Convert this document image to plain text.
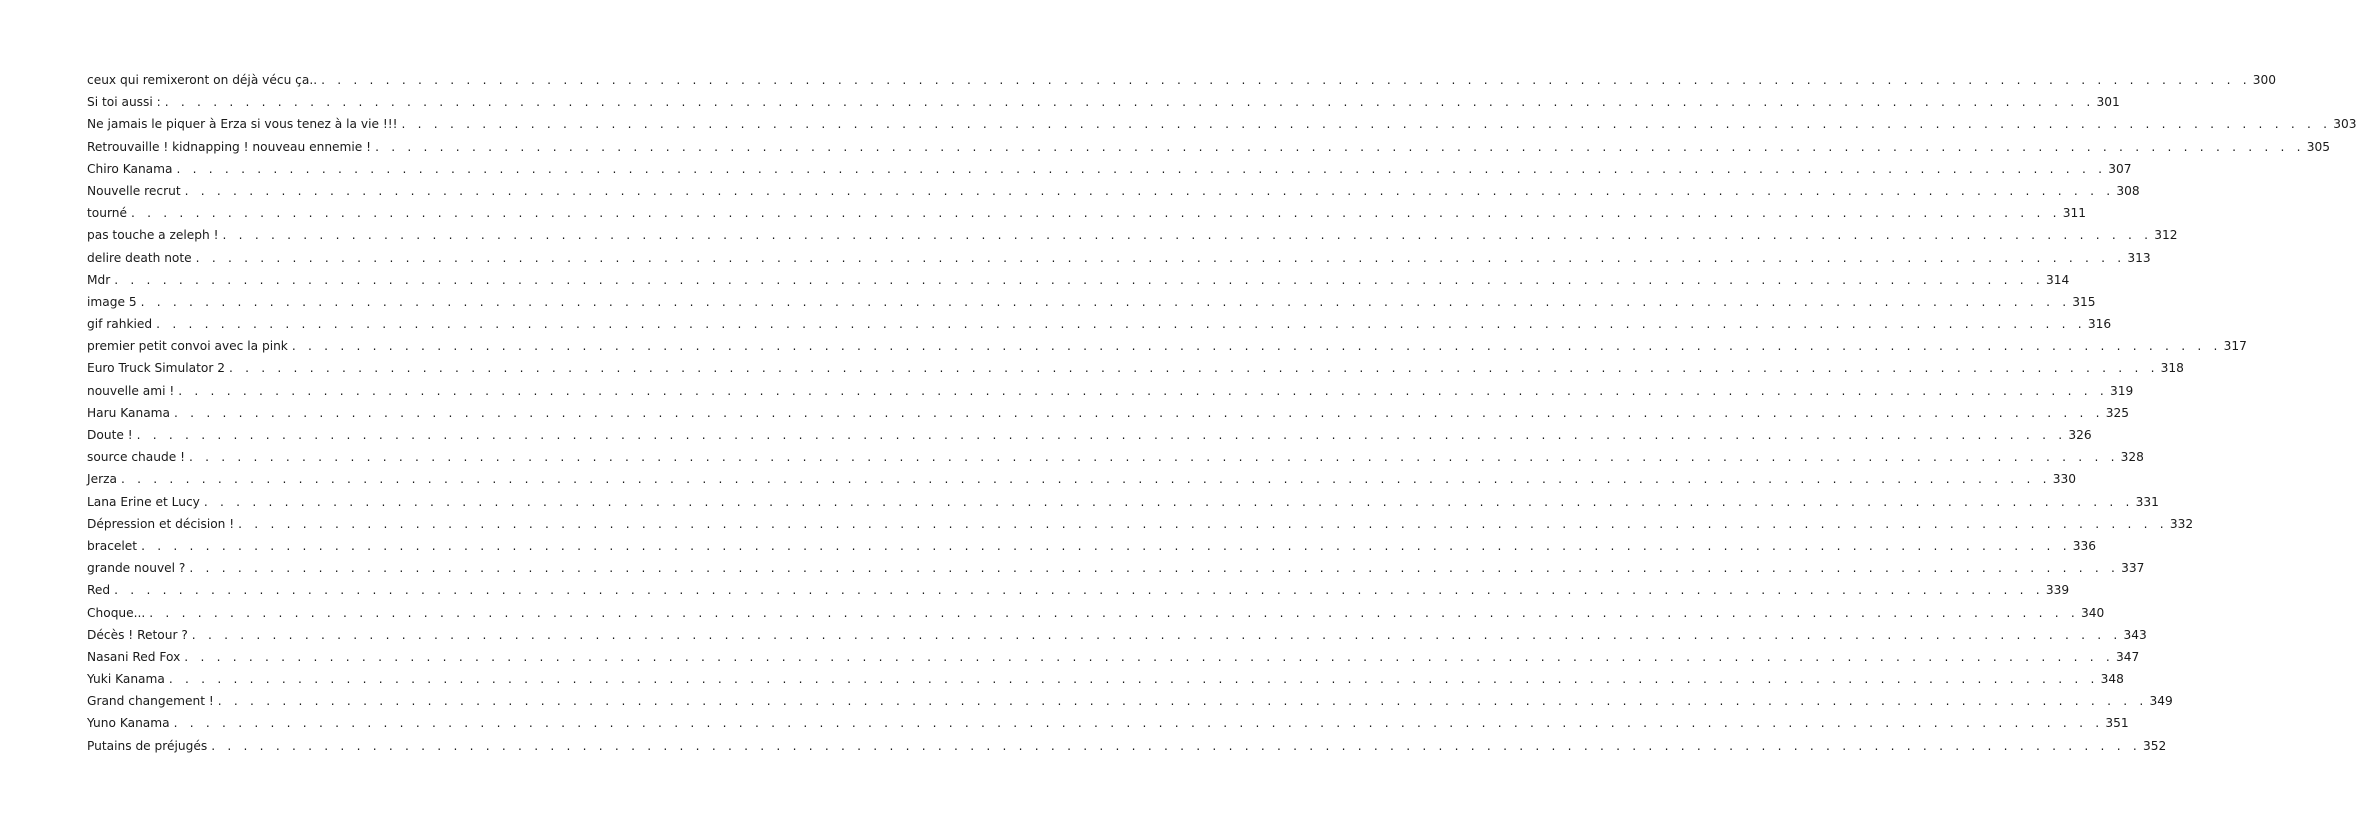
ceux qui remixeront on déjà vécu ça.. . . . . . . . . . . . . . . . . . . . . . . . . . . . . . . . . . . . . . . . . . . . . . . . . . . . . . . . . . . . . . . . . . . . . . . . . . . . . . . . . . . . . . . . . . . . . . . . . . . . . . . . . . . . . . . . . . . . . . . . . 300
Si toi aussi : . . . . . . . . . . . . . . . . . . . . . . . . . . . . . . . . . . . . . . . . . . . . . . . . . . . . . . . . . . . . . . . . . . . . . . . . . . . . . . . . . . . . . . . . . . . . . . . . . . . . . . . . . . . . . . . . . . . . . . . . 301
Ne jamais le piquer à Erza si vous tenez à la vie !!! . . . . . . . . . . . . . . . . . . . . . . . . . . . . . . . . . . . . . . . . . . . . . . . . . . . . . . . . . . . . . . . . . . . . . . . . . . . . . . . . . . . . . . . . . . . . . . . . . . . . . . . . . . . . . . . . . . . . . . . . 303
Retrouvaille ! kidnapping ! nouveau ennemie ! . . . . . . . . . . . . . . . . . . . . . . . . . . . . . . . . . . . . . . . . . . . . . . . . . . . . . . . . . . . . . . . . . . . . . . . . . . . . . . . . . . . . . . . . . . . . . . . . . . . . . . . . . . . . . . . . . . . . . . . . 305
Chiro Kanama . . . . . . . . . . . . . . . . . . . . . . . . . . . . . . . . . . . . . . . . . . . . . . . . . . . . . . . . . . . . . . . . . . . . . . . . . . . . . . . . . . . . . . . . . . . . . . . . . . . . . . . . . . . . . . . . . . . . . . . . 307
Nouvelle recrut . . . . . . . . . . . . . . . . . . . . . . . . . . . . . . . . . . . . . . . . . . . . . . . . . . . . . . . . . . . . . . . . . . . . . . . . . . . . . . . . . . . . . . . . . . . . . . . . . . . . . . . . . . . . . . . . . . . . . . . . 308
tourné . . . . . . . . . . . . . . . . . . . . . . . . . . . . . . . . . . . . . . . . . . . . . . . . . . . . . . . . . . . . . . . . . . . . . . . . . . . . . . . . . . . . . . . . . . . . . . . . . . . . . . . . . . . . . . . . . . . . . . . . 311
pas touche a zeleph ! . . . . . . . . . . . . . . . . . . . . . . . . . . . . . . . . . . . . . . . . . . . . . . . . . . . . . . . . . . . . . . . . . . . . . . . . . . . . . . . . . . . . . . . . . . . . . . . . . . . . . . . . . . . . . . . . . . . . . . . . 312
delire death note . . . . . . . . . . . . . . . . . . . . . . . . . . . . . . . . . . . . . . . . . . . . . . . . . . . . . . . . . . . . . . . . . . . . . . . . . . . . . . . . . . . . . . . . . . . . . . . . . . . . . . . . . . . . . . . . . . . . . . . . 313
Mdr . . . . . . . . . . . . . . . . . . . . . . . . . . . . . . . . . . . . . . . . . . . . . . . . . . . . . . . . . . . . . . . . . . . . . . . . . . . . . . . . . . . . . . . . . . . . . . . . . . . . . . . . . . . . . . . . . . . . . . . . 314
image 5 . . . . . . . . . . . . . . . . . . . . . . . . . . . . . . . . . . . . . . . . . . . . . . . . . . . . . . . . . . . . . . . . . . . . . . . . . . . . . . . . . . . . . . . . . . . . . . . . . . . . . . . . . . . . . . . . . . . . . . . . 315
gif rahkied . . . . . . . . . . . . . . . . . . . . . . . . . . . . . . . . . . . . . . . . . . . . . . . . . . . . . . . . . . . . . . . . . . . . . . . . . . . . . . . . . . . . . . . . . . . . . . . . . . . . . . . . . . . . . . . . . . . . . . . . 316
premier petit convoi avec la pink . . . . . . . . . . . . . . . . . . . . . . . . . . . . . . . . . . . . . . . . . . . . . . . . . . . . . . . . . . . . . . . . . . . . . . . . . . . . . . . . . . . . . . . . . . . . . . . . . . . . . . . . . . . . . . . . . . . . . . . . 317
Euro Truck Simulator 2 . . . . . . . . . . . . . . . . . . . . . . . . . . . . . . . . . . . . . . . . . . . . . . . . . . . . . . . . . . . . . . . . . . . . . . . . . . . . . . . . . . . . . . . . . . . . . . . . . . . . . . . . . . . . . . . . . . . . . . . . 318
nouvelle ami ! . . . . . . . . . . . . . . . . . . . . . . . . . . . . . . . . . . . . . . . . . . . . . . . . . . . . . . . . . . . . . . . . . . . . . . . . . . . . . . . . . . . . . . . . . . . . . . . . . . . . . . . . . . . . . . . . . . . . . . . . 319
Haru Kanama . . . . . . . . . . . . . . . . . . . . . . . . . . . . . . . . . . . . . . . . . . . . . . . . . . . . . . . . . . . . . . . . . . . . . . . . . . . . . . . . . . . . . . . . . . . . . . . . . . . . . . . . . . . . . . . . . . . . . . . . 325
Doute ! . . . . . . . . . . . . . . . . . . . . . . . . . . . . . . . . . . . . . . . . . . . . . . . . . . . . . . . . . . . . . . . . . . . . . . . . . . . . . . . . . . . . . . . . . . . . . . . . . . . . . . . . . . . . . . . . . . . . . . . . 326
source chaude ! . . . . . . . . . . . . . . . . . . . . . . . . . . . . . . . . . . . . . . . . . . . . . . . . . . . . . . . . . . . . . . . . . . . . . . . . . . . . . . . . . . . . . . . . . . . . . . . . . . . . . . . . . . . . . . . . . . . . . . . . 328
Jerza . . . . . . . . . . . . . . . . . . . . . . . . . . . . . . . . . . . . . . . . . . . . . . . . . . . . . . . . . . . . . . . . . . . . . . . . . . . . . . . . . . . . . . . . . . . . . . . . . . . . . . . . . . . . . . . . . . . . . . . . 330
Lana Erine et Lucy . . . . . . . . . . . . . . . . . . . . . . . . . . . . . . . . . . . . . . . . . . . . . . . . . . . . . . . . . . . . . . . . . . . . . . . . . . . . . . . . . . . . . . . . . . . . . . . . . . . . . . . . . . . . . . . . . . . . . . . . 331
Dépression et décision ! . . . . . . . . . . . . . . . . . . . . . . . . . . . . . . . . . . . . . . . . . . . . . . . . . . . . . . . . . . . . . . . . . . . . . . . . . . . . . . . . . . . . . . . . . . . . . . . . . . . . . . . . . . . . . . . . . . . . . . . . 332
bracelet . . . . . . . . . . . . . . . . . . . . . . . . . . . . . . . . . . . . . . . . . . . . . . . . . . . . . . . . . . . . . . . . . . . . . . . . . . . . . . . . . . . . . . . . . . . . . . . . . . . . . . . . . . . . . . . . . . . . . . . . 336
grande nouvel ? . . . . . . . . . . . . . . . . . . . . . . . . . . . . . . . . . . . . . . . . . . . . . . . . . . . . . . . . . . . . . . . . . . . . . . . . . . . . . . . . . . . . . . . . . . . . . . . . . . . . . . . . . . . . . . . . . . . . . . . . 337
Red . . . . . . . . . . . . . . . . . . . . . . . . . . . . . . . . . . . . . . . . . . . . . . . . . . . . . . . . . . . . . . . . . . . . . . . . . . . . . . . . . . . . . . . . . . . . . . . . . . . . . . . . . . . . . . . . . . . . . . . . 339
Choque... . . . . . . . . . . . . . . . . . . . . . . . . . . . . . . . . . . . . . . . . . . . . . . . . . . . . . . . . . . . . . . . . . . . . . . . . . . . . . . . . . . . . . . . . . . . . . . . . . . . . . . . . . . . . . . . . . . . . . . . . 340
Décès ! Retour ? . . . . . . . . . . . . . . . . . . . . . . . . . . . . . . . . . . . . . . . . . . . . . . . . . . . . . . . . . . . . . . . . . . . . . . . . . . . . . . . . . . . . . . . . . . . . . . . . . . . . . . . . . . . . . . . . . . . . . . . . 343
Nasani Red Fox . . . . . . . . . . . . . . . . . . . . . . . . . . . . . . . . . . . . . . . . . . . . . . . . . . . . . . . . . . . . . . . . . . . . . . . . . . . . . . . . . . . . . . . . . . . . . . . . . . . . . . . . . . . . . . . . . . . . . . . . 347
Yuki Kanama . . . . . . . . . . . . . . . . . . . . . . . . . . . . . . . . . . . . . . . . . . . . . . . . . . . . . . . . . . . . . . . . . . . . . . . . . . . . . . . . . . . . . . . . . . . . . . . . . . . . . . . . . . . . . . . . . . . . . . . . 348
Grand changement ! . . . . . . . . . . . . . . . . . . . . . . . . . . . . . . . . . . . . . . . . . . . . . . . . . . . . . . . . . . . . . . . . . . . . . . . . . . . . . . . . . . . . . . . . . . . . . . . . . . . . . . . . . . . . . . . . . . . . . . . . 349
Yuno Kanama . . . . . . . . . . . . . . . . . . . . . . . . . . . . . . . . . . . . . . . . . . . . . . . . . . . . . . . . . . . . . . . . . . . . . . . . . . . . . . . . . . . . . . . . . . . . . . . . . . . . . . . . . . . . . . . . . . . . . . . . 351
Putains de préjugés . . . . . . . . . . . . . . . . . . . . . . . . . . . . . . . . . . . . . . . . . . . . . . . . . . . . . . . . . . . . . . . . . . . . . . . . . . . . . . . . . . . . . . . . . . . . . . . . . . . . . . . . . . . . . . . . . . . . . . . . 352
